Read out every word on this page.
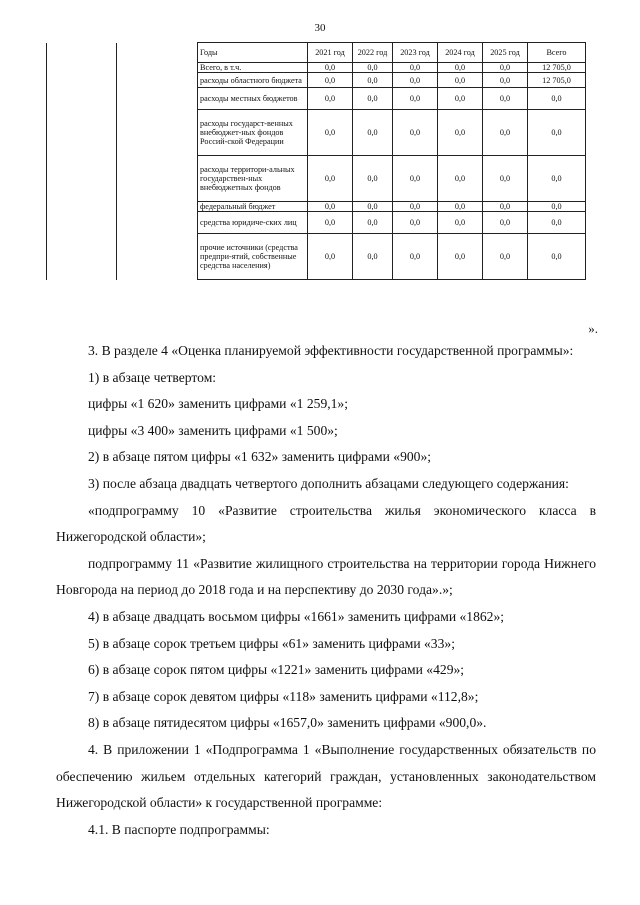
30
		Годы	2021 год	2022 год	2023 год	2024 год	2025 год	Всего
		Всего, в т.ч.	0,0	0,0	0,0	0,0	0,0	12 705,0
		расходы областного бюджета	0,0	0,0	0,0	0,0	0,0	12 705,0
		расходы местных бюджетов	0,0	0,0	0,0	0,0	0,0	0,0
		расходы государст-венных внебюджет-ных фондов Россий-ской Федерации	0,0	0,0	0,0	0,0	0,0	0,0
		расходы территори-альных государствен-ных внебюджетных фондов	0,0	0,0	0,0	0,0	0,0	0,0
		федеральный бюджет	0,0	0,0	0,0	0,0	0,0	0,0
		средства юридиче-ских лиц	0,0	0,0	0,0	0,0	0,0	0,0
		прочие источники (средства предпри-ятий, собственные средства населения)	0,0	0,0	0,0	0,0	0,0	0,0
».

3. В разделе 4 «Оценка планируемой эффективности государственной программы»:

1) в абзаце четвертом:

цифры «1 620» заменить цифрами «1 259,1»;

цифры «3 400» заменить цифрами «1 500»;

2) в абзаце пятом цифры «1 632» заменить цифрами «900»;

3) после абзаца двадцать четвертого дополнить абзацами следующего содержания:

«подпрограмму 10 «Развитие строительства жилья экономического класса в Нижегородской области»;

подпрограмму 11 «Развитие жилищного строительства на территории города Нижнего Новгорода на период до 2018 года и на перспективу до 2030 года».»;

4) в абзаце двадцать восьмом цифры «1661» заменить цифрами «1862»;

5) в абзаце сорок третьем цифры «61» заменить цифрами «33»;

6) в абзаце сорок пятом цифры «1221» заменить цифрами «429»;

7) в абзаце сорок девятом цифры «118» заменить цифрами «112,8»;

8) в абзаце пятидесятом цифры «1657,0» заменить цифрами «900,0».

4. В приложении 1 «Подпрограмма 1 «Выполнение государственных обязательств по обеспечению жильем отдельных категорий граждан, установленных законодательством Нижегородской области» к государственной программе:

4.1. В паспорте подпрограммы:
